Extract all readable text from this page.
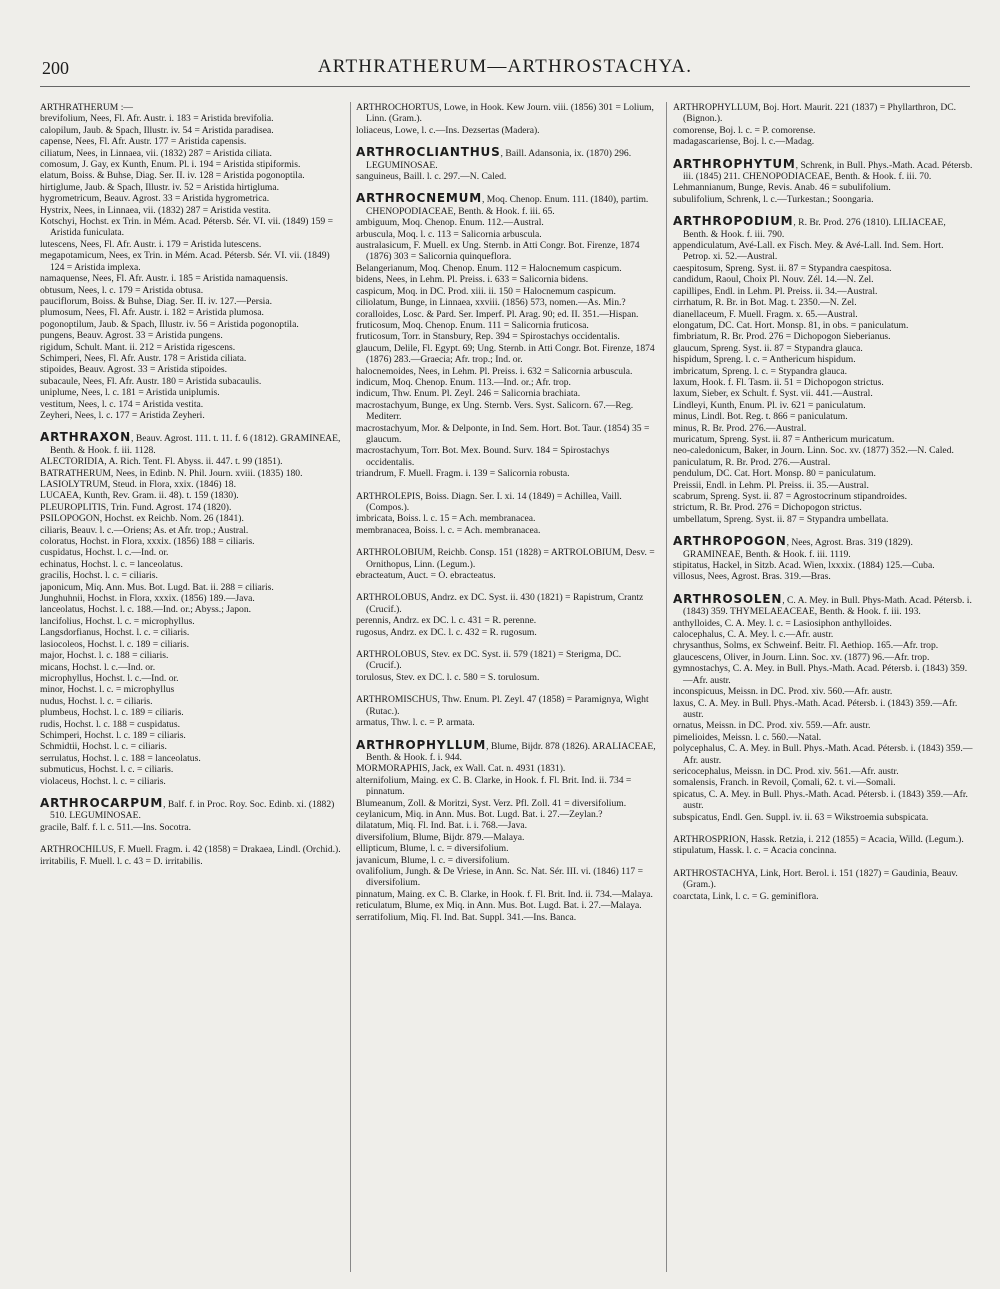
200	ARTHRATHERUM—ARTHROSTACHYA.
ARTHRATHERUM :—
brevifolium, Nees, Fl. Afr. Austr. i. 183 = Aristida brevifolia.
calopilum, Jaub. & Spach, Illustr. iv. 54 = Aristida paradisea.
capense, Nees, Fl. Afr. Austr. 177 = Aristida capensis.
ciliatum, Nees, in Linnaea, vii. (1832) 287 = Aristida ciliata.
comosum, J. Gay, ex Kunth, Enum. Pl. i. 194 = Aristida stipiformis.
elatum, Boiss. & Buhse, Diag. Ser. II. iv. 128 = Aristida pogonoptila.
hirtiglume, Jaub. & Spach, Illustr. iv. 52 = Aristida hirtigluma.
hygrometricum, Beauv. Agrost. 33 = Aristida hygrometrica.
Hystrix, Nees, in Linnaea, vii. (1832) 287 = Aristida vestita.
Kotschyi, Hochst. ex Trin. in Mém. Acad. Pétersb. Sér. VI. vii. (1849) 159 = Aristida funiculata.
lutescens, Nees, Fl. Afr. Austr. i. 179 = Aristida lutescens.
megapotamicum, Nees, ex Trin. in Mém. Acad. Pétersb. Sér. VI. vii. (1849) 124 = Aristida implexa.
namaquense, Nees, Fl. Afr. Austr. i. 185 = Aristida namaquensis.
obtusum, Nees, l. c. 179 = Aristida obtusa.
pauciflorum, Boiss. & Buhse, Diag. Ser. II. iv. 127.—Persia.
plumosum, Nees, Fl. Afr. Austr. i. 182 = Aristida plumosa.
pogonoptilum, Jaub. & Spach, Illustr. iv. 56 = Aristida pogonoptila.
pungens, Beauv. Agrost. 33 = Aristida pungens.
rigidum, Schult. Mant. ii. 212 = Aristida rigescens.
Schimperi, Nees, Fl. Afr. Austr. 178 = Aristida ciliata.
stipoides, Beauv. Agrost. 33 = Aristida stipoides.
subacaule, Nees, Fl. Afr. Austr. 180 = Aristida subacaulis.
uniplume, Nees, l. c. 181 = Aristida uniplumis.
vestitum, Nees, l. c. 174 = Aristida vestita.
Zeyheri, Nees, l. c. 177 = Aristida Zeyheri.
ARTHRAXON, Beauv. Agrost. 111. t. 11. f. 6 (1812). GRAMINEAE, Benth. & Hook. f. iii. 1128.
ALECTORIDIA, A. Rich. Tent. Fl. Abyss. ii. 447. t. 99 (1851).
BATRATHERUM, Nees, in Edinb. N. Phil. Journ. xviii. (1835) 180.
LASIOLYTRUM, Steud. in Flora, xxix. (1846) 18.
LUCAEA, Kunth, Rev. Gram. ii. 48). t. 159 (1830).
PLEUROPLITIS, Trin. Fund. Agrost. 174 (1820).
PSILOPOGON, Hochst. ex Reichb. Nom. 26 (1841).
ciliaris, Beauv. l. c.—Oriens; As. et Afr. trop.; Austral.
coloratus, Hochst. in Flora, xxxix. (1856) 188 = ciliaris.
cuspidatus, Hochst. l. c.—Ind. or.
echinatus, Hochst. l. c. = lanceolatus.
gracilis, Hochst. l. c. = ciliaris.
japonicum, Miq. Ann. Mus. Bot. Lugd. Bat. ii. 288 = ciliaris.
Junghuhnii, Hochst. in Flora, xxxix. (1856) 189.—Java.
lanceolatus, Hochst. l. c. 188.—Ind. or.; Abyss.; Japon.
lancifolius, Hochst. l. c. = microphyllus.
Langsdorfianus, Hochst. l. c. = ciliaris.
lasiocoleos, Hochst. l. c. 189 = ciliaris.
major, Hochst. l. c. 188 = ciliaris.
micans, Hochst. l. c.—Ind. or.
microphyllus, Hochst. l. c.—Ind. or.
minor, Hochst. l. c. = microphyllus
nudus, Hochst. l. c. = ciliaris.
plumbeus, Hochst. l. c. 189 = ciliaris.
rudis, Hochst. l. c. 188 = cuspidatus.
Schimperi, Hochst. l. c. 189 = ciliaris.
Schmidtii, Hochst. l. c. = ciliaris.
serrulatus, Hochst. l. c. 188 = lanceolatus.
submuticus, Hochst. l. c. = ciliaris.
violaceus, Hochst. l. c. = ciliaris.
ARTHROCARPUM, Balf. f. in Proc. Roy. Soc. Edinb. xi. (1882) 510. LEGUMINOSAE.
gracile, Balf. f. l. c. 511.—Ins. Socotra.
ARTHROCHILUS, F. Muell. Fragm. i. 42 (1858) = Drakaea, Lindl. (Orchid.).
irritabilis, F. Muell. l. c. 43 = D. irritabilis.
ARTHROCHORTUS, Lowe, in Hook. Kew Journ. viii. (1856) 301 = Lolium, Linn. (Gram.).
loliaceus, Lowe, l. c.—Ins. Dezsertas (Madera).
ARTHROCLIANTHUS, Baill. Adansonia, ix. (1870) 296. LEGUMINOSAE.
sanguineus, Baill. l. c. 297.—N. Caled.
ARTHROCNEMUM, Moq. Chenop. Enum. 111. (1840), partim. CHENOPODIACEAE, Benth. & Hook. f. iii. 65.
ambiguum, Moq. Chenop. Enum. 112.—Austral.
arbuscula, Moq. l. c. 113 = Salicornia arbuscula.
australasicum, F. Muell. ex Ung. Sternb. in Atti Congr. Bot. Firenze, 1874 (1876) 303 = Salicornia quinqueflora.
Belangerianum, Moq. Chenop. Enum. 112 = Halocnemum caspicum.
bidens, Nees, in Lehm. Pl. Preiss. i. 633 = Salicornia bidens.
caspicum, Moq. in DC. Prod. xiii. ii. 150 = Halocnemum caspicum.
ciliolatum, Bunge, in Linnaea, xxviii. (1856) 573, nomen.—As. Min.?
coralloides, Losc. & Pard. Ser. Imperf. Pl. Arag. 90; ed. II. 351.—Hispan.
fruticosum, Moq. Chenop. Enum. 111 = Salicornia fruticosa.
fruticosum, Torr. in Stansbury, Rep. 394 = Spirostachys occidentalis.
glaucum, Delile, Fl. Egypt. 69; Ung. Sternb. in Atti Congr. Bot. Firenze, 1874 (1876) 283.—Graecia; Afr. trop.; Ind. or.
halocnemoides, Nees, in Lehm. Pl. Preiss. i. 632 = Salicornia arbuscula.
indicum, Moq. Chenop. Enum. 113.—Ind. or.; Afr. trop.
indicum, Thw. Enum. Pl. Zeyl. 246 = Salicornia brachiata.
macrostachyum, Bunge, ex Ung. Sternb. Vers. Syst. Salicorn. 67.—Reg. Mediterr.
macrostachyum, Mor. & Delponte, in Ind. Sem. Hort. Bot. Taur. (1854) 35 = glaucum.
macrostachyum, Torr. Bot. Mex. Bound. Surv. 184 = Spirostachys occidentalis.
triandrum, F. Muell. Fragm. i. 139 = Salicornia robusta.
ARTHROLEPIS, Boiss. Diagn. Ser. I. xi. 14 (1849) = Achillea, Vaill. (Compos.).
imbricata, Boiss. l. c. 15 = Ach. membranacea.
membranacea, Boiss. l. c. = Ach. membranacea.
ARTHROLOBIUM, Reichb. Consp. 151 (1828) = ARTROLOBIUM, Desv. = Ornithopus, Linn. (Legum.).
ebracteatum, Auct. = O. ebracteatus.
ARTHROLOBUS, Andrz. ex DC. Syst. ii. 430 (1821) = Rapistrum, Crantz (Crucif.).
perennis, Andrz. ex DC. l. c. 431 = R. perenne.
rugosus, Andrz. ex DC. l. c. 432 = R. rugosum.
ARTHROLOBUS, Stev. ex DC. Syst. ii. 579 (1821) = Sterigma, DC. (Crucif.).
torulosus, Stev. ex DC. l. c. 580 = S. torulosum.
ARTHROMISCHUS, Thw. Enum. Pl. Zeyl. 47 (1858) = Paramignya, Wight (Rutac.).
armatus, Thw. l. c. = P. armata.
ARTHROPHYLLUM, Blume, Bijdr. 878 (1826). ARALIACEAE, Benth. & Hook. f. i. 944.
MORMORAPHIS, Jack, ex Wall. Cat. n. 4931 (1831).
alternifolium, Maing. ex C. B. Clarke, in Hook. f. Fl. Brit. Ind. ii. 734 = pinnatum.
Blumeanum, Zoll. & Moritzi, Syst. Verz. Pfl. Zoll. 41 = diversifolium.
ceylanicum, Miq. in Ann. Mus. Bot. Lugd. Bat. i. 27.—Zeylan.?
dilatatum, Miq. Fl. Ind. Bat. i. i. 768.—Java.
diversifolium, Blume, Bijdr. 879.—Malaya.
ellipticum, Blume, l. c. = diversifolium.
javanicum, Blume, l. c. = diversifolium.
ovalifolium, Jungh. & De Vriese, in Ann. Sc. Nat. Sér. III. vi. (1846) 117 = diversifolium.
pinnatum, Maing. ex C. B. Clarke, in Hook. f. Fl. Brit. Ind. ii. 734.—Malaya.
reticulatum, Blume, ex Miq. in Ann. Mus. Bot. Lugd. Bat. i. 27.—Malaya.
serratifolium, Miq. Fl. Ind. Bat. Suppl. 341.—Ins. Banca.
ARTHROPHYLLUM, Boj. Hort. Maurit. 221 (1837) = Phyllarthron, DC. (Bignon.).
comorense, Boj. l. c. = P. comorense.
madagascariense, Boj. l. c.—Madag.
ARTHROPHYTUM, Schrenk, in Bull. Phys.-Math. Acad. Pétersb. iii. (1845) 211. CHENOPODIACEAE, Benth. & Hook. f. iii. 70.
Lehmannianum, Bunge, Revis. Anab. 46 = subulifolium.
subulifolium, Schrenk, l. c.—Turkestan.; Soongaria.
ARTHROPODIUM, R. Br. Prod. 276 (1810). LILIACEAE, Benth. & Hook. f. iii. 790.
appendiculatum, Avé-Lall. ex Fisch. Mey. & Avé-Lall. Ind. Sem. Hort. Petrop. xi. 52.—Austral.
caespitosum, Spreng. Syst. ii. 87 = Stypandra caespitosa.
candidum, Raoul, Choix Pl. Nouv. Zél. 14.—N. Zel.
capillipes, Endl. in Lehm. Pl. Preiss. ii. 34.—Austral.
cirrhatum, R. Br. in Bot. Mag. t. 2350.—N. Zel.
dianellaceum, F. Muell. Fragm. x. 65.—Austral.
elongatum, DC. Cat. Hort. Monsp. 81, in obs. = paniculatum.
fimbriatum, R. Br. Prod. 276 = Dichopogon Sieberianus.
glaucum, Spreng. Syst. ii. 87 = Stypandra glauca.
hispidum, Spreng. l. c. = Anthericum hispidum.
imbricatum, Spreng. l. c. = Stypandra glauca.
laxum, Hook. f. Fl. Tasm. ii. 51 = Dichopogon strictus.
laxum, Sieber, ex Schult. f. Syst. vii. 441.—Austral.
Lindleyi, Kunth, Enum. Pl. iv. 621 = paniculatum.
minus, Lindl. Bot. Reg. t. 866 = paniculatum.
minus, R. Br. Prod. 276.—Austral.
muricatum, Spreng. Syst. ii. 87 = Anthericum muricatum.
neo-caledonicum, Baker, in Journ. Linn. Soc. xv. (1877) 352.—N. Caled.
paniculatum, R. Br. Prod. 276.—Austral.
pendulum, DC. Cat. Hort. Monsp. 80 = paniculatum.
Preissii, Endl. in Lehm. Pl. Preiss. ii. 35.—Austral.
scabrum, Spreng. Syst. ii. 87 = Agrostocrinum stipandroides.
strictum, R. Br. Prod. 276 = Dichopogon strictus.
umbellatum, Spreng. Syst. ii. 87 = Stypandra umbellata.
ARTHROPOGON, Nees, Agrost. Bras. 319 (1829). GRAMINEAE, Benth. & Hook. f. iii. 1119.
stipitatus, Hackel, in Sitzb. Acad. Wien, lxxxix. (1884) 125.—Cuba.
villosus, Nees, Agrost. Bras. 319.—Bras.
ARTHROSOLEN, C. A. Mey. in Bull. Phys-Math. Acad. Pétersb. i. (1843) 359. THYMELAEACEAE, Benth. & Hook. f. iii. 193.
anthylloides, C. A. Mey. l. c. = Lasiosiphon anthylloides.
calocephalus, C. A. Mey. l. c.—Afr. austr.
chrysanthus, Solms, ex Schweinf. Beitr. Fl. Aethiop. 165.—Afr. trop.
glaucescens, Oliver, in Journ. Linn. Soc. xv. (1877) 96.—Afr. trop.
gymnostachys, C. A. Mey. in Bull. Phys.-Math. Acad. Pétersb. i. (1843) 359.—Afr. austr.
inconspicuus, Meissn. in DC. Prod. xiv. 560.—Afr. austr.
laxus, C. A. Mey. in Bull. Phys.-Math. Acad. Pétersb. i. (1843) 359.—Afr. austr.
ornatus, Meissn. in DC. Prod. xiv. 559.—Afr. austr.
pimelioides, Meissn. l. c. 560.—Natal.
polycephalus, C. A. Mey. in Bull. Phys.-Math. Acad. Pétersb. i. (1843) 359.—Afr. austr.
sericocephalus, Meissn. in DC. Prod. xiv. 561.—Afr. austr.
somalensis, Franch. in Revoil, Çomali, 62. t. vi.—Somali.
spicatus, C. A. Mey. in Bull. Phys.-Math. Acad. Pétersb. i. (1843) 359.—Afr. austr.
subspicatus, Endl. Gen. Suppl. iv. ii. 63 = Wikstroemia subspicata.
ARTHROSPRION, Hassk. Retzia, i. 212 (1855) = Acacia, Willd. (Legum.).
stipulatum, Hassk. l. c. = Acacia concinna.
ARTHROSTACHYA, Link, Hort. Berol. i. 151 (1827) = Gaudinia, Beauv. (Gram.).
coarctata, Link, l. c. = G. geminiflora.
